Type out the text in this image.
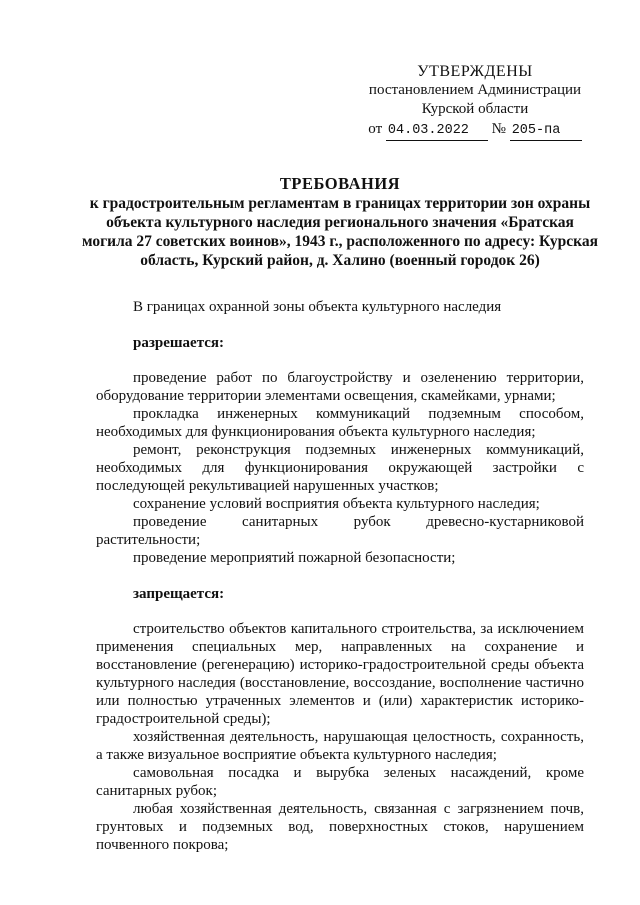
УТВЕРЖДЕНЫ
постановлением Администрации
Курской области
от 04.03.2022 № 205-па
ТРЕБОВАНИЯ
к градостроительным регламентам в границах территории зон охраны объекта культурного наследия регионального значения «Братская могила 27 советских воинов», 1943 г., расположенного по адресу: Курская область, Курский район, д. Халино (военный городок 26)

В границах охранной зоны объекта культурного наследия

разрешается:

проведение работ по благоустройству и озеленению территории, оборудование территории элементами освещения, скамейками, урнами;

прокладка инженерных коммуникаций подземным способом, необходимых для функционирования объекта культурного наследия;

ремонт, реконструкция подземных инженерных коммуникаций, необходимых для функционирования окружающей застройки с последующей рекультивацией нарушенных участков;

сохранение условий восприятия объекта культурного наследия;

проведение санитарных рубок древесно-кустарниковой растительности;

проведение мероприятий пожарной безопасности;

запрещается:

строительство объектов капитального строительства, за исключением применения специальных мер, направленных на сохранение и восстановление (регенерацию) историко-градостроительной среды объекта культурного наследия (восстановление, воссоздание, восполнение частично или полностью утраченных элементов и (или) характеристик историко-градостроительной среды);

хозяйственная деятельность, нарушающая целостность, сохранность, а также визуальное восприятие объекта культурного наследия;

самовольная посадка и вырубка зеленых насаждений, кроме санитарных рубок;

любая хозяйственная деятельность, связанная с загрязнением почв, грунтовых и подземных вод, поверхностных стоков, нарушением почвенного покрова;
